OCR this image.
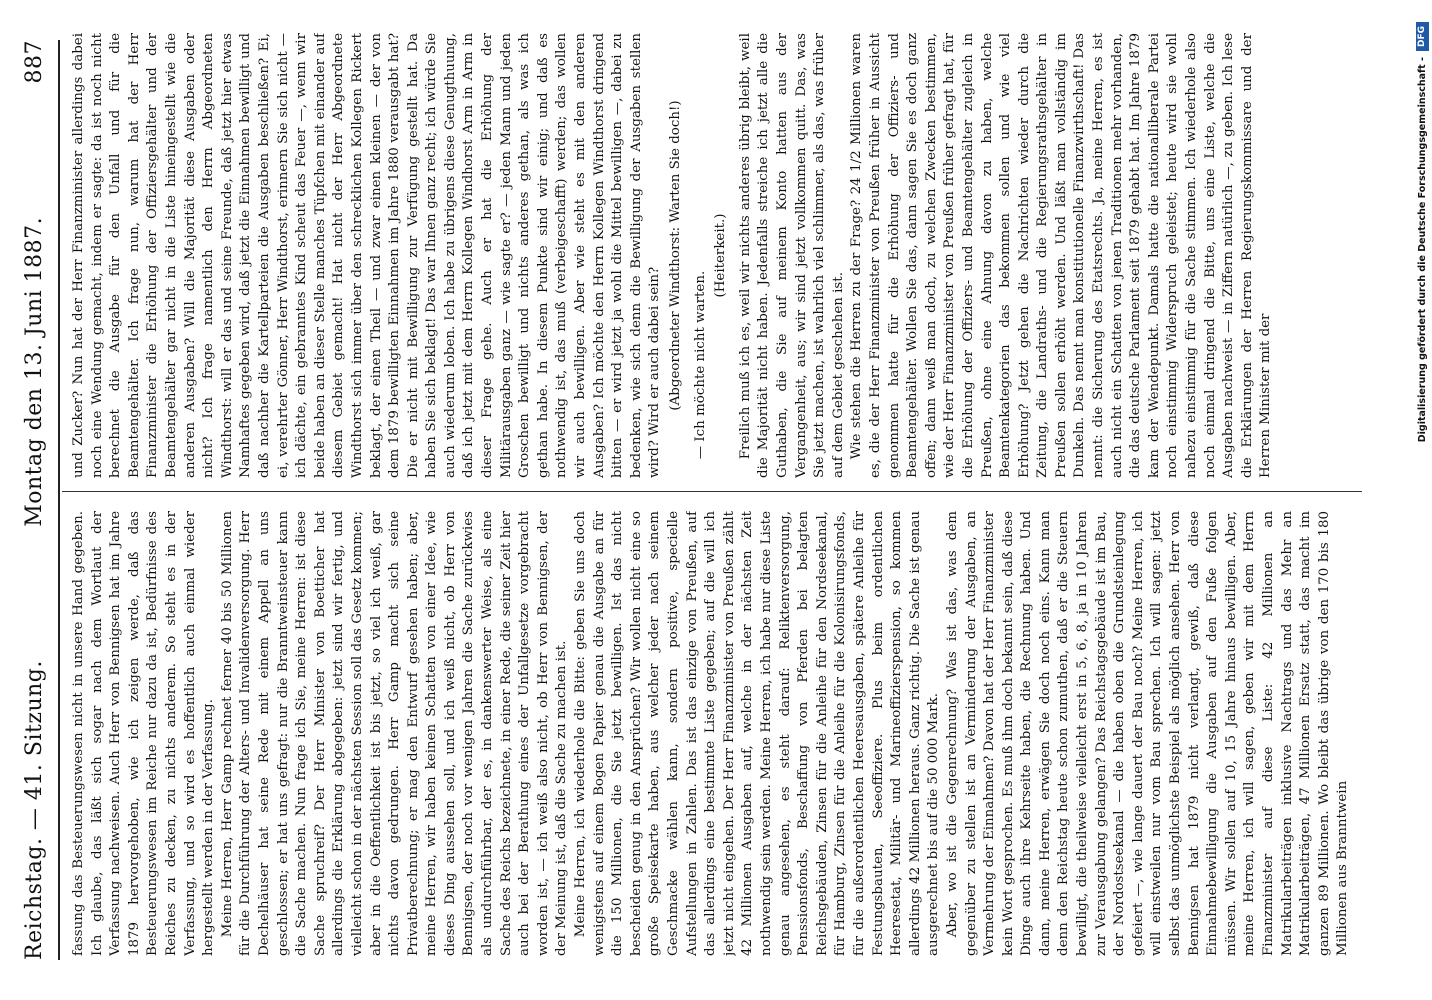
Reichstag. — 41. Sitzung.
Montag den 13. Juni 1887.
887

fassung das Besteuerungswesen nicht in unsere Hand gegeben. Ich glaube, das läßt sich sogar nach dem Wortlaut der Verfassung nachweisen. Auch Herr von Bennigsen hat im Jahre 1879 hervorgehoben, wie ich zeigen werde, daß das Besteuerungswesen im Reiche nur dazu da ist, Bedürfnisse des Reiches zu decken, zu nichts anderem. So steht es in der Verfassung, und so wird es hoffentlich auch einmal wieder hergestellt werden in der Verfassung. Meine Herren, Herr Gamp rechnet ferner 40 bis 50 Millionen für die Durchführung der Alters- und Invalidenversorgung. Herr Dechelhäuser hat seine Rede mit einem Appell an uns geschlossen; er hat uns gefragt: nur die Branntweinsteuer kann die Sache machen. Nun frage ich Sie, meine Herren: ist diese Sache spruchreif? Der Herr Minister von Boetticher hat allerdings die Erklärung abgegeben: jetzt sind wir fertig, und vielleicht schon in der nächsten Session soll das Gesetz kommen; aber in die Oeffentlichkeit ist bis jetzt, so viel ich weiß, gar nichts davon gedrungen. Herr Gamp macht sich seine Privatberechnung; er mag den Entwurf gesehen haben; aber, meine Herren, wir haben keinen Schatten von einer Idee, wie dieses Ding aussehen soll, und ich weiß nicht, ob Herr von Bennigsen, der noch vor wenigen Jahren die Sache zurückwies als undurchführbar, der es, in dankenswerter Weise, als eine Sache des Reichs bezeichnete, in einer Rede, die seiner Zeit hier auch bei der Berathung eines der Unfallgesetze vorgebracht worden ist, — ich weiß also nicht, ob Herr von Bennigsen, der der Meinung ist, daß die Sache zu machen ist. Meine Herren, ich wiederhole die Bitte: geben Sie uns doch wenigstens auf einem Bogen Papier genau die Ausgabe an für die 150 Millionen, die Sie jetzt bewilligen. Ist das nicht bescheiden genug in den Ansprüchen? Wir wollen nicht eine so große Speisekarte haben, aus welcher jeder nach seinem Geschmacke wählen kann, sondern positive, specielle Aufstellungen in Zahlen. Das ist das einzige von Preußen, auf das allerdings eine bestimmte Liste gegeben; auf die will ich jetzt nicht eingehen. Der Herr Finanzminister von Preußen zählt 42 Millionen Ausgaben auf, welche in der nächsten Zeit nothwendig sein werden. Meine Herren, ich habe nur diese Liste genau angesehen, es steht darauf: Reliktenversorgung, Penssionsfonds, Beschaffung von Pferden bei belagten Reichsgebäuden, Zinsen für die Anleihe für den Nordseekanal, für Hamburg, Zinsen für die Anleihe für die Kolonisirungsfonds, für die außerordentlichen Heeresausgaben, spätere Anleihe für Festungsbauten, Seeoffiziere. Plus beim ordentlichen Heeresetat, Militär- und Marineoffizierspension, so kommen allerdings 42 Millionen heraus. Ganz richtig. Die Sache ist genau ausgerechnet bis auf die 50 000 Mark. Aber, wo ist die Gegenrechnung? Was ist das, was dem gegenüber zu stellen ist an Verminderung der Ausgaben, an Vermehrung der Einnahmen? Davon hat der Herr Finanzminister kein Wort gesprochen. Es muß ihm doch bekannt sein, daß diese Dinge auch ihre Kehrseite haben, die Rechnung haben. Und dann, meine Herren, erwägen Sie doch noch eins. Kann man denn den Reichstag heute schon zumuthen, daß er die Steuern bewilligt, die theilweise vielleicht erst in 5, 6, 8, ja in 10 Jahren zur Verausgabung gelangen? Das Reichstagsgebäude ist im Bau, der Nordostseekanal — die haben oben die Grundsteinlegung gefeiert —, wie lange dauert der Bau noch? Meine Herren, ich will einstweilen nur vom Bau sprechen. Ich will sagen: jetzt selbst das unmöglichste Beispiel als möglich ansehen. Herr von Bennigsen hat 1879 nicht verlangt, gewiß, daß diese Einnahmebewilligung die Ausgaben auf den Fuße folgen müssen. Wir sollen auf 10, 15 Jahre hinaus bewilligen. Aber, meine Herren, ich will sagen, geben wir mit dem Herrn Finanzminister auf diese Liste: 42 Millionen an Matrikularbeiträgen inklusive Nachtrags und das Mehr an Matrikularbeiträgen, 47 Millionen Ersatz statt, das macht im ganzen 89 Millionen. Wo bleibt das übrige von den 170 bis 180 Millionen aus Branntwein

und Zucker? Nun hat der Herr Finanzminister allerdings dabei noch eine Wendung gemacht, indem er sagte: da ist noch nicht berechnet die Ausgabe für den Unfall und für die Beamtengehälter. Ich frage nun, warum hat der Herr Finanzminister die Erhöhung der Offiziersgehälter und der Beamtengehälter gar nicht in die Liste hineingestellt wie die anderen Ausgaben? Will die Majorität diese Ausgaben oder nicht? Ich frage namentlich den Herrn Abgeordneten Windthorst: will er das und seine Freunde, daß jetzt hier etwas Namhaftes gegeben wird, daß jetzt die Einnahmen bewilligt und daß nachher die Kartellparteien die Ausgaben beschließen? Ei, ei, verehrter Gönner, Herr Windthorst, erinnern Sie sich nicht — ich dächte, ein gebranntes Kind scheut das Feuer —, wenn wir beide haben an dieser Stelle manches Tüpfchen mit einander auf diesem Gebiet gemacht! Hat nicht der Herr Abgeordnete Windthorst sich immer über den schrecklichen Kollegen Rickert beklagt, der einen Theil — und zwar einen kleinen — der von dem 1879 bewilligten Einnahmen im Jahre 1880 verausgabt hat? Die er nicht mit Bewilligung zur Verfügung gestellt hat. Da haben Sie sich beklagt! Das war Ihnen ganz recht; ich würde Sie auch wiederum loben. Ich habe zu übrigens diese Genugthuung, daß ich jetzt mit dem Herrn Kollegen Windhorst Arm in Arm in dieser Frage gehe. Auch er hat die Erhöhung der Militärausgaben ganz — wie sagte er? — jeden Mann und jeden Groschen bewilligt und nichts anderes gethan, als was ich gethan habe. In diesem Punkte sind wir einig; und daß es nothwendig ist, das muß (verbeigeschafft) werden; das wollen wir auch bewilligen. Aber wie steht es mit den anderen Ausgaben? Ich möchte den Herrn Kollegen Windthorst dringend bitten — er wird jetzt ja wohl die Mittel bewilligen —, dabei zu bedenken, wie sich denn die Bewilligung der Ausgaben stellen wird? Wird er auch dabei sein? (Abgeordneter Windthorst: Warten Sie doch!) — Ich möchte nicht warten.

(Heiterkeit.) Freilich muß ich es, weil wir nichts anderes übrig bleibt, weil die Majorität nicht haben. Jedenfalls streiche ich jetzt alle die Guthaben, die Sie auf meinem Konto hatten aus der Vergangenheit, aus; wir sind jetzt vollkommen quitt. Das, was Sie jetzt machen, ist wahrlich viel schlimmer, als das, was früher auf dem Gebiet geschehen ist. Wie stehen die Herren zu der Frage? 24 1/2 Millionen waren es, die der Herr Finanzminister von Preußen früher in Aussicht genommen hatte für die Erhöhung der Offiziers- und Beamtengehälter. Wollen Sie das, dann sagen Sie es doch ganz offen; dann weiß man doch, zu welchen Zwecken bestimmen, wie der Herr Finanzminister von Preußen früher gefragt hat, für die Erhöhung der Offiziers- und Beamtengehälter zugleich in Preußen, ohne eine Ahnung davon zu haben, welche Beamtenkategorien das bekommen sollen und wie viel Erhöhung? Jetzt gehen die Nachrichten wieder durch die Zeitung, die Landraths- und die Regierungsrathsgehälter in Preußen sollen erhöht werden. Und läßt man vollständig im Dunkeln. Das nennt man konstitutionelle Finanzwirthschaft! Das nennt: die Sicherung des Etatsrechts. Ja, meine Herren, es ist auch nicht ein Schatten von jenen Traditionen mehr vorhanden, die das deutsche Parlament seit 1879 gehabt hat. Im Jahre 1879 kam der Wendepunkt. Damals hatte die nationalliberale Partei noch einstimmig Widerspruch geleistet; heute wird sie wohl nahezu einstimmig für die Sache stimmen. Ich wiederhole also noch einmal dringend die Bitte, uns eine Liste, welche die Ausgaben nachweist — in Ziffern natürlich —, zu geben. Ich lese die Erklärungen der Herren Regierungskommissare und der Herren Minister mit der	Digitalisierung gefördert durch die Deutsche Forschungsgemeinschaft -
DFG
